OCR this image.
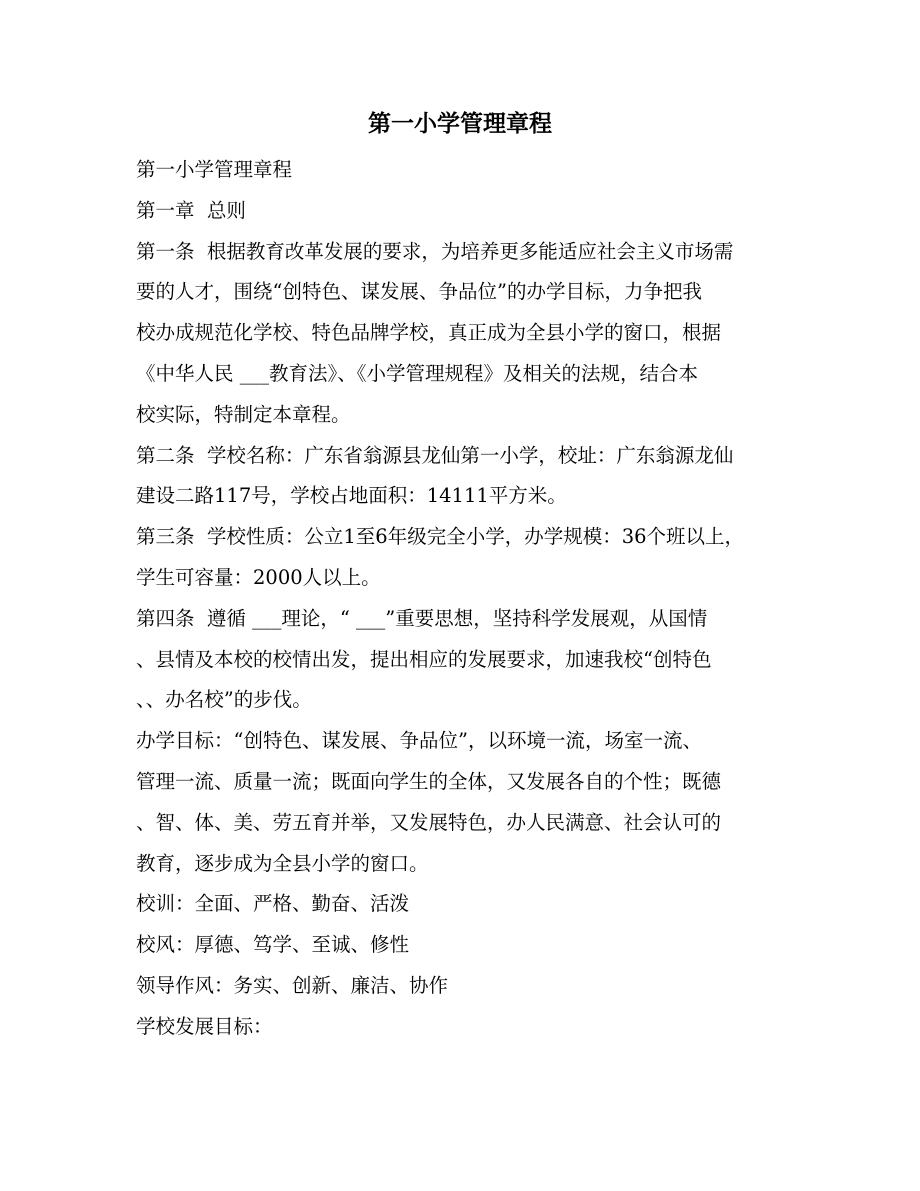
第一小学管理章程
第一小学管理章程
第一章  总则
第一条  根据教育改革发展的要求，为培养更多能适应社会主义市场需
要的人才，围绕“创特色、谋发展、争品位”的办学目标，力争把我
校办成规范化学校、特色品牌学校，真正成为全县小学的窗口，根据
《中华人民 ___教育法》、《小学管理规程》及相关的法规，结合本
校实际，特制定本章程。
第二条  学校名称：广东省翁源县龙仙第一小学，校址：广东翁源龙仙
建设二路117号，学校占地面积：14111平方米。
第三条  学校性质：公立1至6年级完全小学，办学规模：36个班以上，
学生可容量：2000人以上。
第四条  遵循 ___理论，“ ___”重要思想，坚持科学发展观，从国情
、县情及本校的校情出发，提出相应的发展要求，加速我校“创特色
、、办名校”的步伐。
办学目标：“创特色、谋发展、争品位”，以环境一流，场室一流、
管理一流、质量一流；既面向学生的全体，又发展各自的个性；既德
、智、体、美、劳五育并举，又发展特色，办人民满意、社会认可的
教育，逐步成为全县小学的窗口。
校训：全面、严格、勤奋、活泼
校风：厚德、笃学、至诚、修性
领导作风：务实、创新、廉洁、协作
学校发展目标：
